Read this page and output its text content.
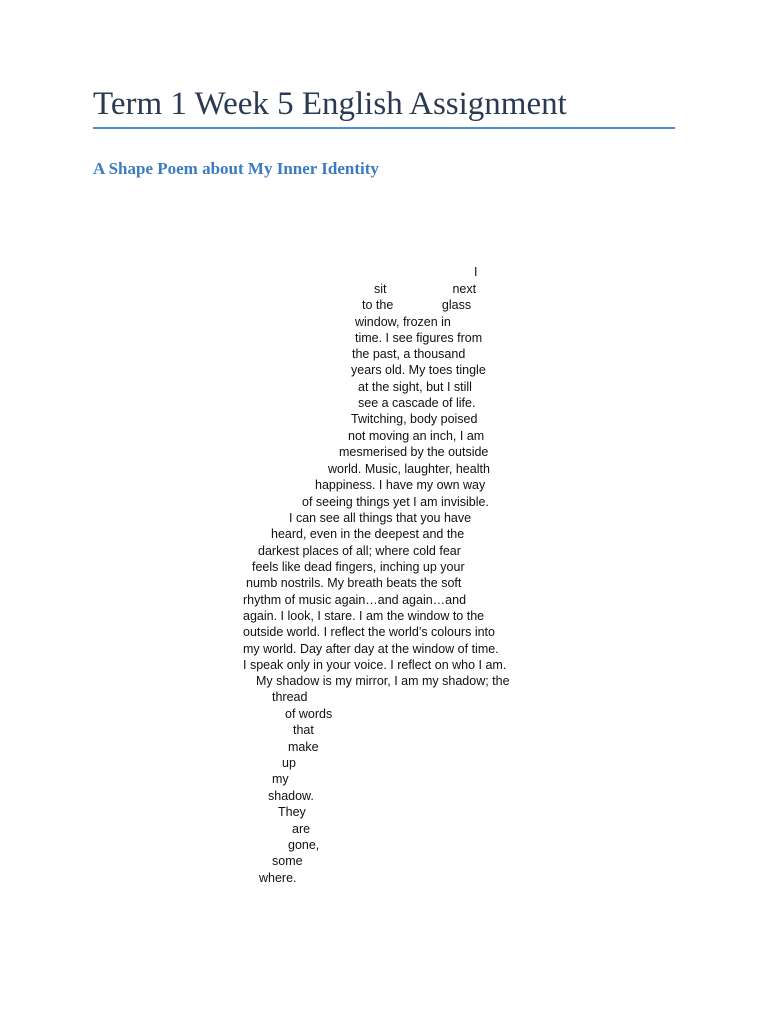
Term 1 Week 5 English Assignment
A Shape Poem about My Inner Identity
I
sit                   next
to the              glass
window, frozen in
time. I see figures from
the past, a thousand
years old. My toes tingle
at the sight, but I still
see a cascade of life.
Twitching, body poised
not moving an inch, I am
mesmerised by the outside
world. Music, laughter, health
happiness. I have my own way
of seeing things yet I am invisible.
I can see all things that you have
heard, even in the deepest and the
darkest places of all; where cold fear
feels like dead fingers, inching up your
numb nostrils. My breath beats the soft
rhythm of music again…and again…and
again. I look, I stare. I am the window to the
outside world. I reflect the world’s colours into
my world. Day after day at the window of time.
I speak only in your voice. I reflect on who I am.
My shadow is my mirror, I am my shadow; the
thread
of words
that
make
up
my
shadow.
They
are
gone,
some
where.
